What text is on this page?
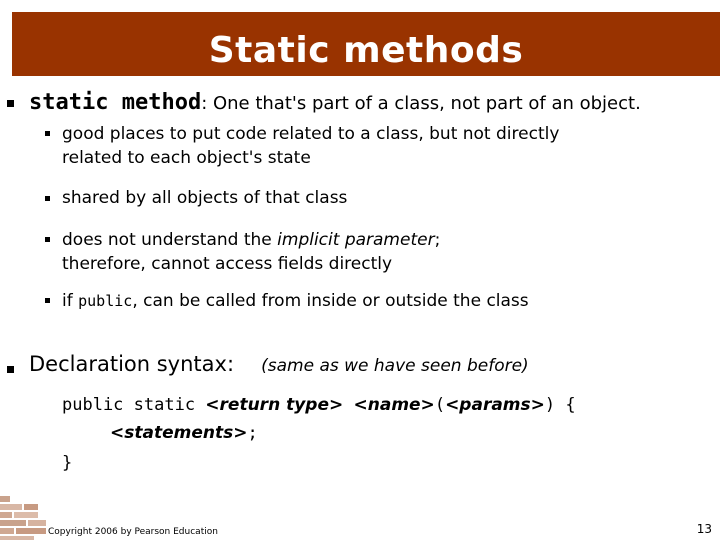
Static methods
static method: One that's part of a class, not part of an object.
good places to put code related to a class, but not directly
related to each object's state
shared by all objects of that class
does not understand the implicit parameter;
therefore, cannot access fields directly
if public, can be called from inside or outside the class
Declaration syntax: (same as we have seen before)
public static <return type> <name>(<params>) {
<statements>;
}
Copyright 2006 by Pearson Education	13
